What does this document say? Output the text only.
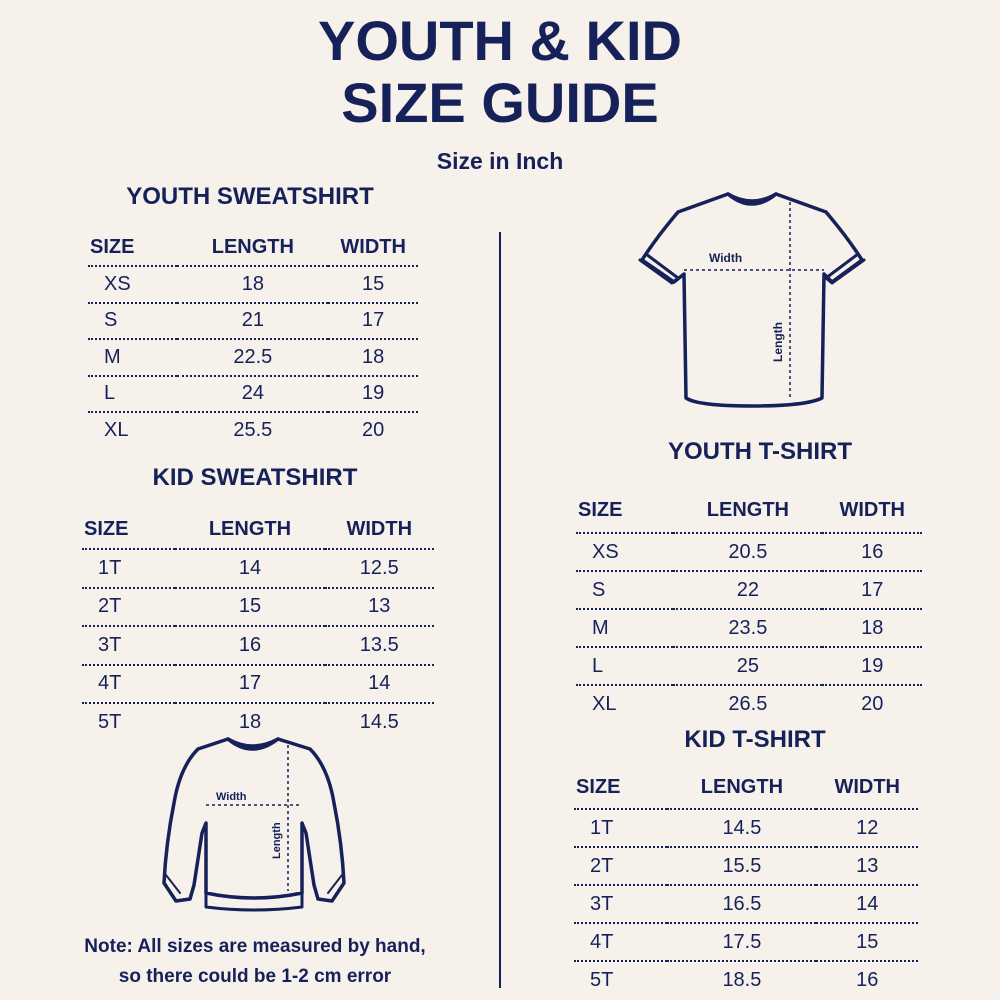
YOUTH & KID
SIZE GUIDE
Size in Inch
YOUTH SWEATSHIRT
SIZE	LENGTH	WIDTH
XS	18	15
S	21	17
M	22.5	18
L	24	19
XL	25.5	20
KID SWEATSHIRT
SIZE	LENGTH	WIDTH
1T	14	12.5
2T	15	13
3T	16	13.5
4T	17	14
5T	18	14.5
YOUTH T-SHIRT
SIZE	LENGTH	WIDTH
XS	20.5	16
S	22	17
M	23.5	18
L	25	19
XL	26.5	20
KID T-SHIRT
SIZE	LENGTH	WIDTH
1T	14.5	12
2T	15.5	13
3T	16.5	14
4T	17.5	15
5T	18.5	16
Width
Length
Width
Length
Note: All sizes are measured by hand,
so there could be 1-2 cm error
